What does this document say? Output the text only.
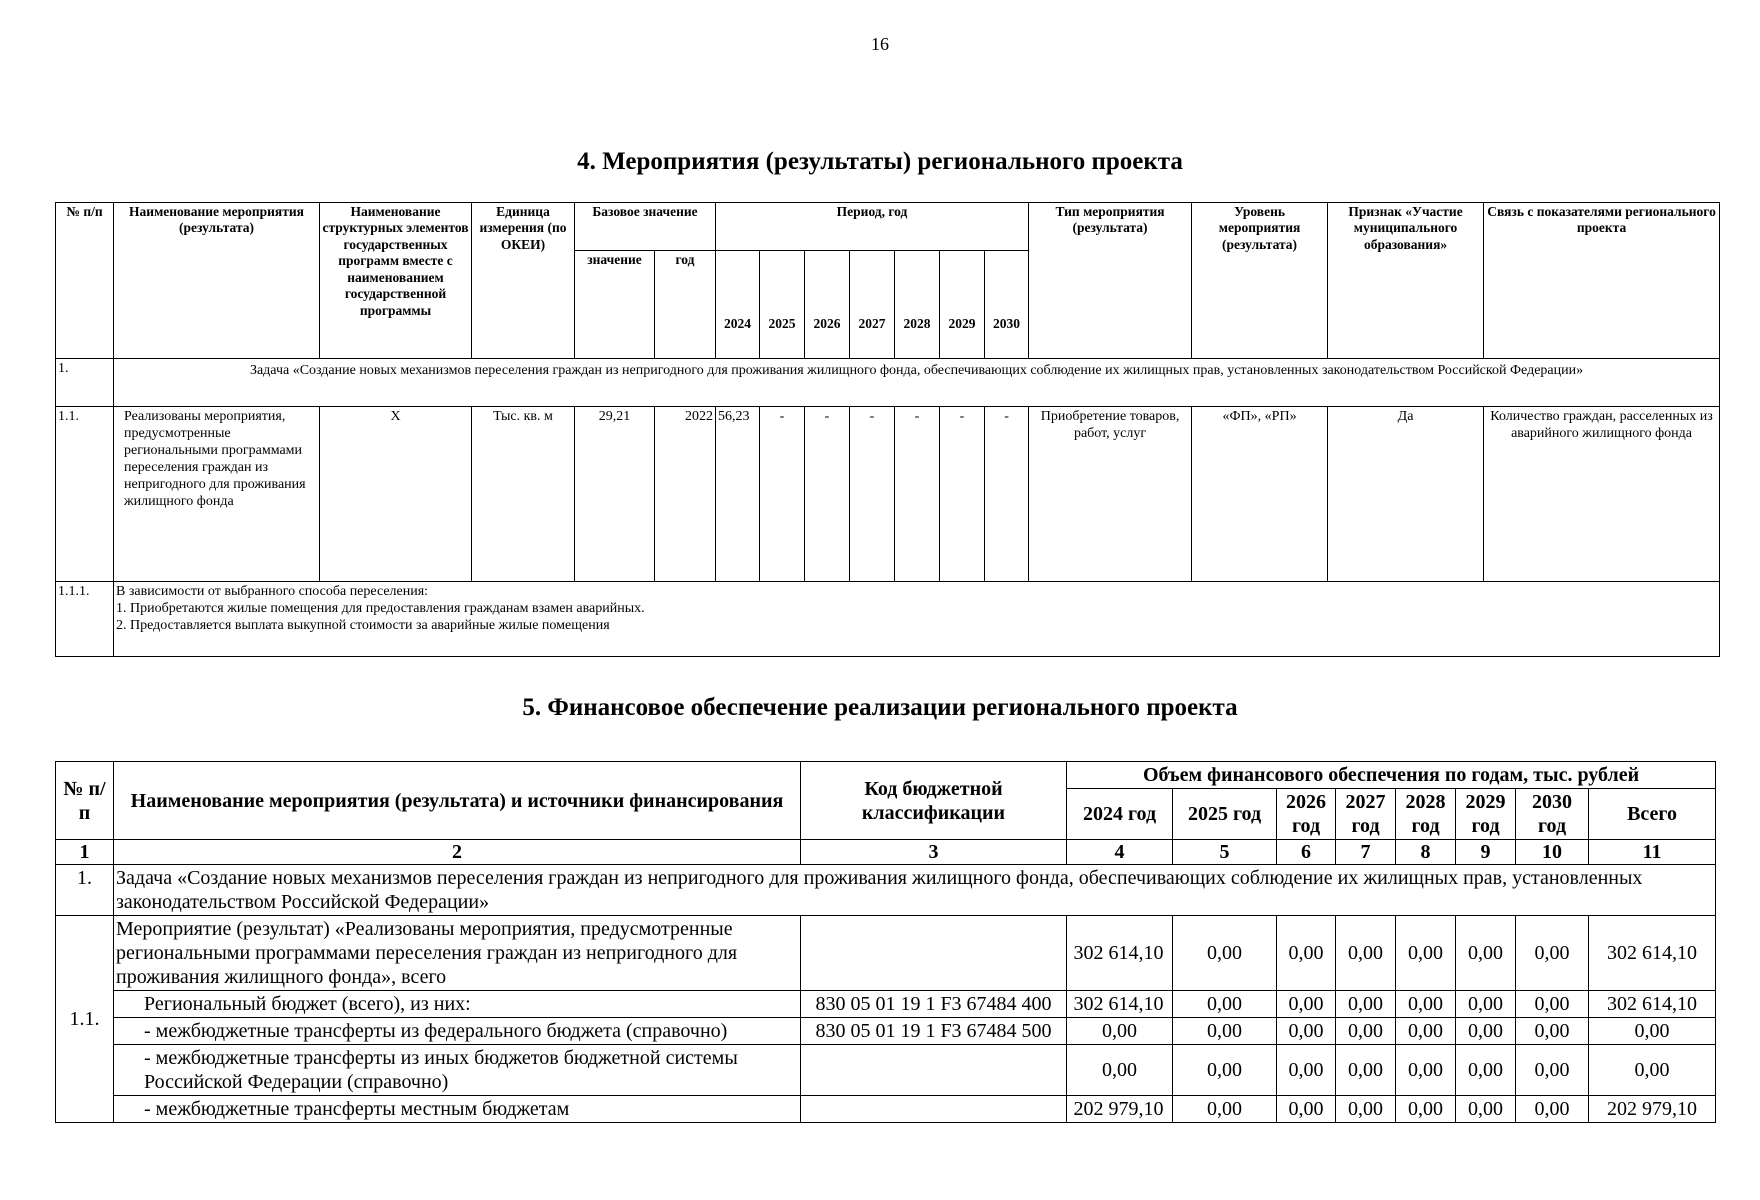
16
4. Мероприятия (результаты) регионального проекта
№ п/п	Наименование мероприятия (результата)	Наименование структурных элементов государственных программ вместе с наименованием государственной программы	Единица измерения (по ОКЕИ)	Базовое значение		Период, год							Тип мероприятия (результата)	Уровень мероприятия (результата)	Признак «Участие муниципального образования»	Связь с показателями регионального проекта
				значение	год	2024	2025	2026	2027	2028	2029	2030				
1.	Задача «Создание новых механизмов переселения граждан из непригодного для проживания жилищного фонда, обеспечивающих соблюдение их жилищных прав, установленных законодательством Российской Федерации»															
1.1.	Реализованы мероприятия, предусмотренные региональными программами переселения граждан из непригодного для проживания жилищного фонда	X	Тыс. кв. м	29,21	2022	56,23	-	-	-	-	-	-	Приобретение товаров, работ, услуг	«ФП», «РП»	Да	Количество граждан, расселенных из аварийного жилищного фонда
1.1.1.	В зависимости от выбранного способа переселения:
1. Приобретаются жилые помещения для предоставления гражданам взамен аварийных.
2. Предоставляется выплата выкупной стоимости за аварийные жилые помещения															
5. Финансовое обеспечение реализации регионального проекта
№ п/п	Наименование мероприятия (результата) и источники финансирования	Код бюджетной классификации	Объем финансового обеспечения по годам, тыс. рублей							
			2024 год	2025 год	2026 год	2027 год	2028 год	2029 год	2030 год	Всего
1	2	3	4	5	6	7	8	9	10	11
1.	Задача «Создание новых механизмов переселения граждан из непригодного для проживания жилищного фонда, обеспечивающих соблюдение их жилищных прав, установленных законодательством Российской Федерации»									
1.1.	Мероприятие (результат) «Реализованы мероприятия, предусмотренные региональными программами переселения граждан из непригодного для проживания жилищного фонда», всего		302 614,10	0,00	0,00	0,00	0,00	0,00	0,00	302 614,10
	Региональный бюджет (всего), из них:	830 05 01 19 1 F3 67484 400	302 614,10	0,00	0,00	0,00	0,00	0,00	0,00	302 614,10
	- межбюджетные трансферты из федерального бюджета (справочно)	830 05 01 19 1 F3 67484 500	0,00	0,00	0,00	0,00	0,00	0,00	0,00	0,00
	- межбюджетные трансферты из иных бюджетов бюджетной системы Российской Федерации (справочно)		0,00	0,00	0,00	0,00	0,00	0,00	0,00	0,00
	- межбюджетные трансферты местным бюджетам		202 979,10	0,00	0,00	0,00	0,00	0,00	0,00	202 979,10
